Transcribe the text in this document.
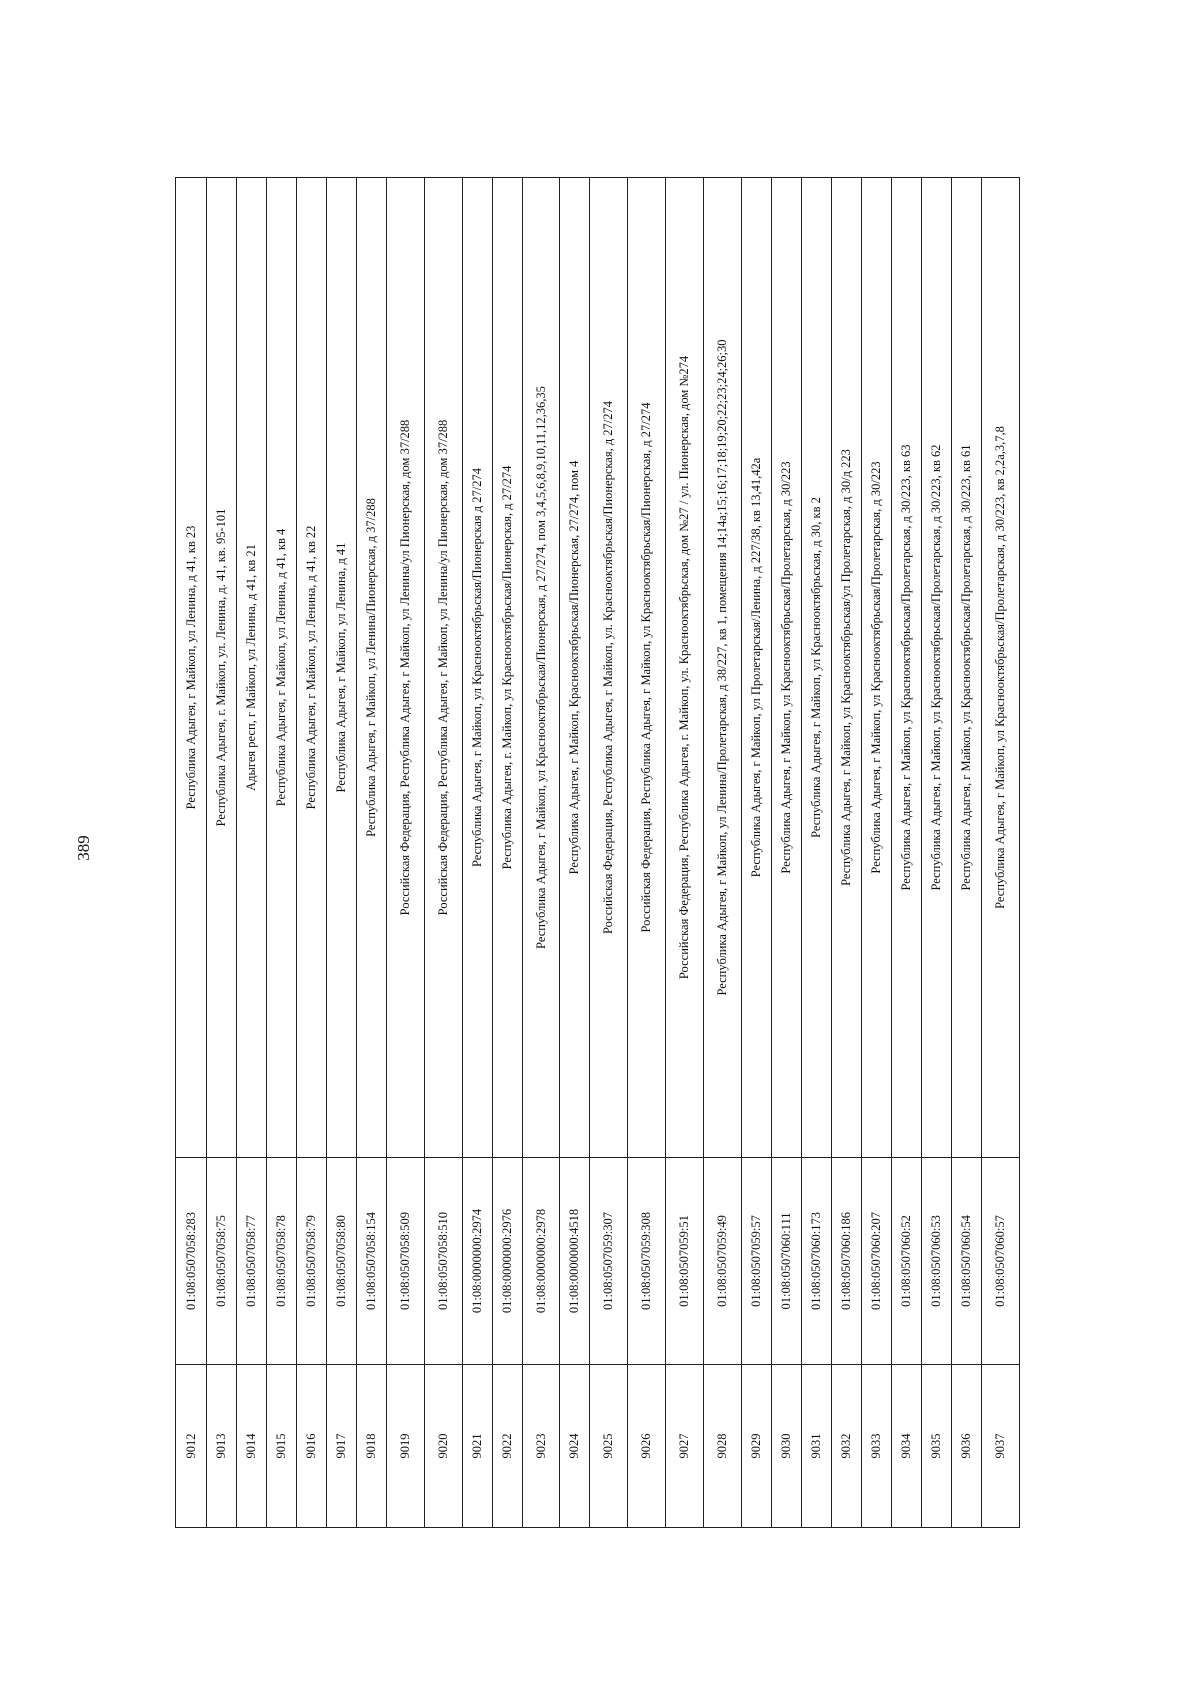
389
9012	01:08:0507058:283	Республика Адыгея, г Майкоп, ул Ленина, д 41, кв 23
9013	01:08:0507058:75	Республика Адыгея, г. Майкоп, ул. Ленина, д. 41, кв. 95-101
9014	01:08:0507058:77	Адыгея респ, г Майкоп, ул Ленина, д 41, кв 21
9015	01:08:0507058:78	Республика Адыгея, г Майкоп, ул Ленина, д 41, кв 4
9016	01:08:0507058:79	Республика Адыгея, г Майкоп, ул Ленина, д 41, кв 22
9017	01:08:0507058:80	Республика Адыгея, г Майкоп, ул Ленина, д 41
9018	01:08:0507058:154	Республика Адыгея, г Майкоп, ул Ленина/Пионерская, д 37/288
9019	01:08:0507058:509	Российская Федерация, Республика Адыгея, г Майкоп, ул Ленина/ул Пионерская, дом 37/288
9020	01:08:0507058:510	Российская Федерация, Республика Адыгея, г Майкоп, ул Ленина/ул Пионерская, дом 37/288
9021	01:08:0000000:2974	Республика Адыгея, г Майкоп, ул Краснооктябрьская/Пионерская д 27/274
9022	01:08:0000000:2976	Республика Адыгея, г. Майкоп, ул Краснооктябрьская/Пионерская, д 27/274
9023	01:08:0000000:2978	Республика Адыгея, г Майкоп, ул Краснооктябрьская/Пионерская, д 27/274, пом 3,4,5,6,8,9,10,11,12,36,35
9024	01:08:0000000:4518	Республика Адыгея, г Майкоп, Краснооктябрьская/Пионерская, 27/274, пом 4
9025	01:08:0507059:307	Российская Федерация, Республика Адыгея, г Майкоп, ул. Краснооктябрьская/Пионерская, д 27/274
9026	01:08:0507059:308	Российская Федерация, Республика Адыгея, г Майкоп, ул Краснооктябрьская/Пионерская, д 27/274
9027	01:08:0507059:51	Российская Федерация, Республика Адыгея, г. Майкоп, ул. Краснооктябрьская, дом №27 / ул. Пионерская, дом №274
9028	01:08:0507059:49	Республика Адыгея, г Майкоп, ул Ленина/Пролетарская, д 38/227, кв 1, помещения 14;14а;15;16;17;18;19;20;22;23;24;26;30
9029	01:08:0507059:57	Республика Адыгея, г Майкоп, ул Пролетарская/Ленина, д 227/38, кв 13,41,42а
9030	01:08:0507060:111	Республика Адыгея, г Майкоп, ул Краснооктябрьская/Пролетарская, д 30/223
9031	01:08:0507060:173	Республика Адыгея, г Майкоп, ул Краснооктябрьская, д 30, кв 2
9032	01:08:0507060:186	Республика Адыгея, г Майкоп, ул Краснооктябрьская/ул Пролетарская, д 30/д 223
9033	01:08:0507060:207	Республика Адыгея, г Майкоп, ул Краснооктябрьская/Пролетарская, д 30/223
9034	01:08:0507060:52	Республика Адыгея, г Майкоп, ул Краснооктябрьская/Пролетарская, д 30/223, кв 63
9035	01:08:0507060:53	Республика Адыгея, г Майкоп, ул Краснооктябрьская/Пролетарская, д 30/223, кв 62
9036	01:08:0507060:54	Республика Адыгея, г Майкоп, ул Краснооктябрьская/Пролетарская, д 30/223, кв 61
9037	01:08:0507060:57	Республика Адыгея, г Майкоп, ул Краснооктябрьская/Пролетарская, д 30/223, кв 2,2а,3,7,8
